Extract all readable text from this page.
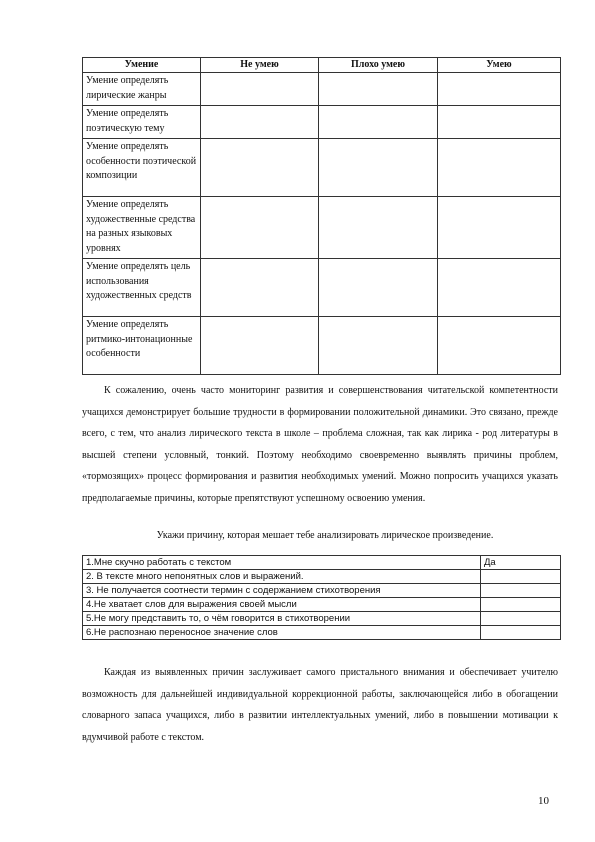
Умение	Не умею	Плохо умею	Умею
Умение определять лирические жанры			
Умение определять поэтическую тему			
Умение определять особенности поэтической композиции			
Умение определять художественные средства на разных языковых уровнях			
Умение определять цель использования художественных средств			
Умение определять ритмико-интонационные особенности			

К сожалению, очень часто мониторинг развития и совершенствования читательской компетентности учащихся демонстрирует большие трудности в формировании положительной динамики. Это связано, прежде всего, с тем, что анализ лирического текста в школе – проблема сложная, так как лирика - род литературы в высшей степени условный, тонкий. Поэтому необходимо своевременно выявлять причины проблем, «тормозящих» процесс формирования и развития необходимых умений. Можно попросить учащихся указать предполагаемые причины, которые препятствуют успешному освоению умения.

Укажи причину, которая мешает тебе анализировать лирическое произведение.

1.Мне скучно работать с текстом	Да
2. В тексте много непонятных слов и выражений.	
3. Не получается соотнести термин с содержанием стихотворения	
4.Не хватает слов для выражения своей мысли	
5.Не могу представить то, о чём говорится в стихотворении	
6.Не распознаю переносное значение слов	

Каждая из выявленных причин заслуживает самого пристального внимания и обеспечивает учителю возможность для дальнейшей индивидуальной коррекционной работы, заключающейся либо в обогащении словарного запаса учащихся, либо в развитии интеллектуальных умений, либо в повышении мотивации к вдумчивой работе с текстом.

10
